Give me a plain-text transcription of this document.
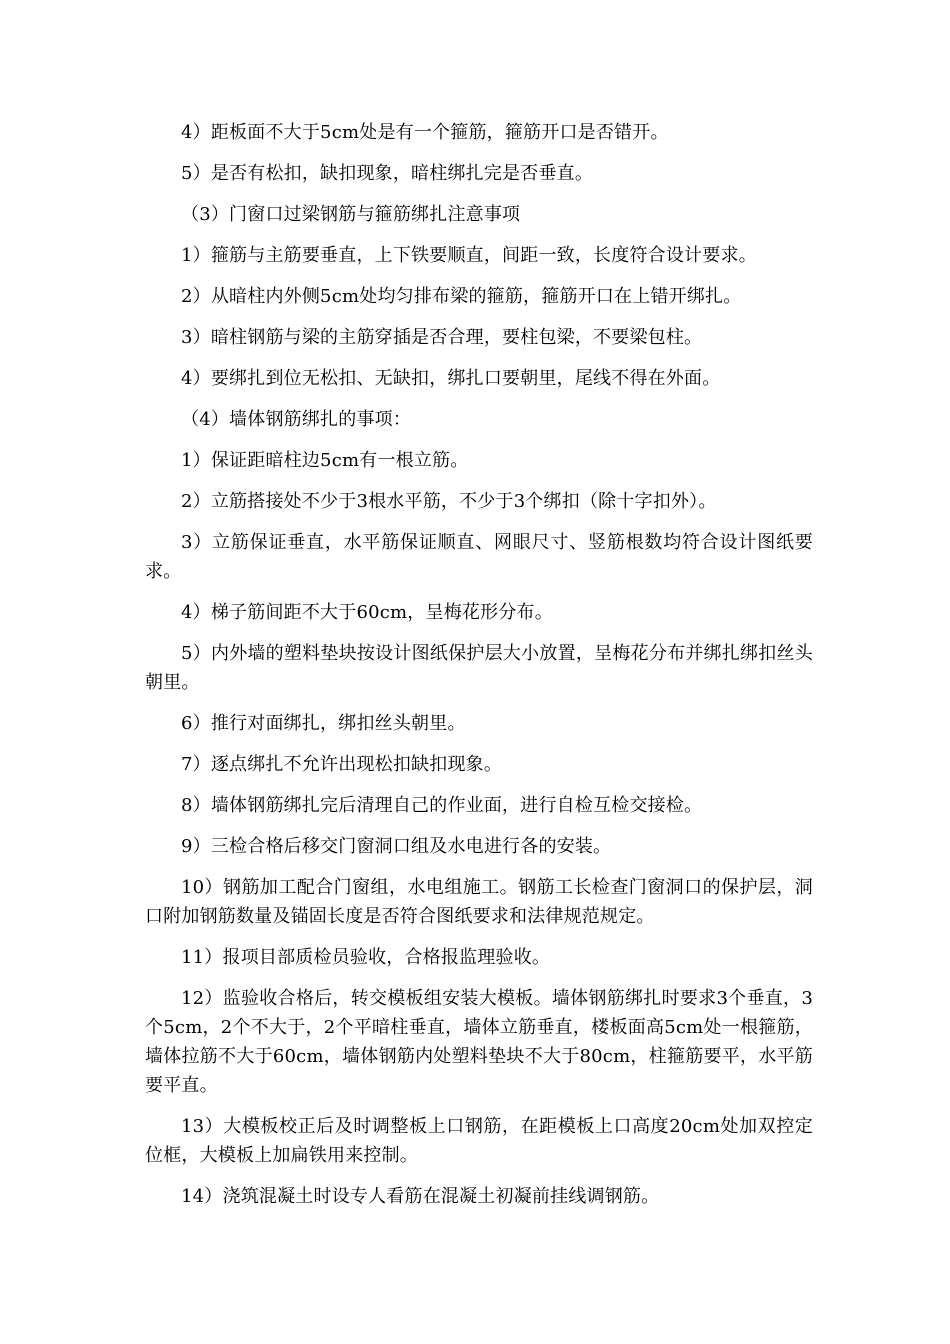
4）距板面不大于5cm处是有一个箍筋，箍筋开口是否错开。

5）是否有松扣，缺扣现象，暗柱绑扎完是否垂直。

（3）门窗口过梁钢筋与箍筋绑扎注意事项

1）箍筋与主筋要垂直，上下铁要顺直，间距一致，长度符合设计要求。

2）从暗柱内外侧5cm处均匀排布梁的箍筋，箍筋开口在上错开绑扎。

3）暗柱钢筋与梁的主筋穿插是否合理，要柱包梁，不要梁包柱。

4）要绑扎到位无松扣、无缺扣，绑扎口要朝里，尾线不得在外面。

（4）墙体钢筋绑扎的事项：

1）保证距暗柱边5cm有一根立筋。

2）立筋搭接处不少于3根水平筋，不少于3个绑扣（除十字扣外）。

3）立筋保证垂直，水平筋保证顺直、网眼尺寸、竖筋根数均符合设计图纸要求。

4）梯子筋间距不大于60cm，呈梅花形分布。

5）内外墙的塑料垫块按设计图纸保护层大小放置，呈梅花分布并绑扎绑扣丝头朝里。

6）推行对面绑扎，绑扣丝头朝里。

7）逐点绑扎不允许出现松扣缺扣现象。

8）墙体钢筋绑扎完后清理自己的作业面，进行自检互检交接检。

9）三检合格后移交门窗洞口组及水电进行各的安装。

10）钢筋加工配合门窗组，水电组施工。钢筋工长检查门窗洞口的保护层，洞口附加钢筋数量及锚固长度是否符合图纸要求和法律规范规定。

11）报项目部质检员验收，合格报监理验收。

12）监验收合格后，转交模板组安装大模板。墙体钢筋绑扎时要求3个垂直，3个5cm，2个不大于，2个平暗柱垂直，墙体立筋垂直，楼板面高5cm处一根箍筋，墙体拉筋不大于60cm，墙体钢筋内处塑料垫块不大于80cm，柱箍筋要平，水平筋要平直。

13）大模板校正后及时调整板上口钢筋，在距模板上口高度20cm处加双控定位框，大模板上加扁铁用来控制。

14）浇筑混凝土时设专人看筋在混凝土初凝前挂线调钢筋。
